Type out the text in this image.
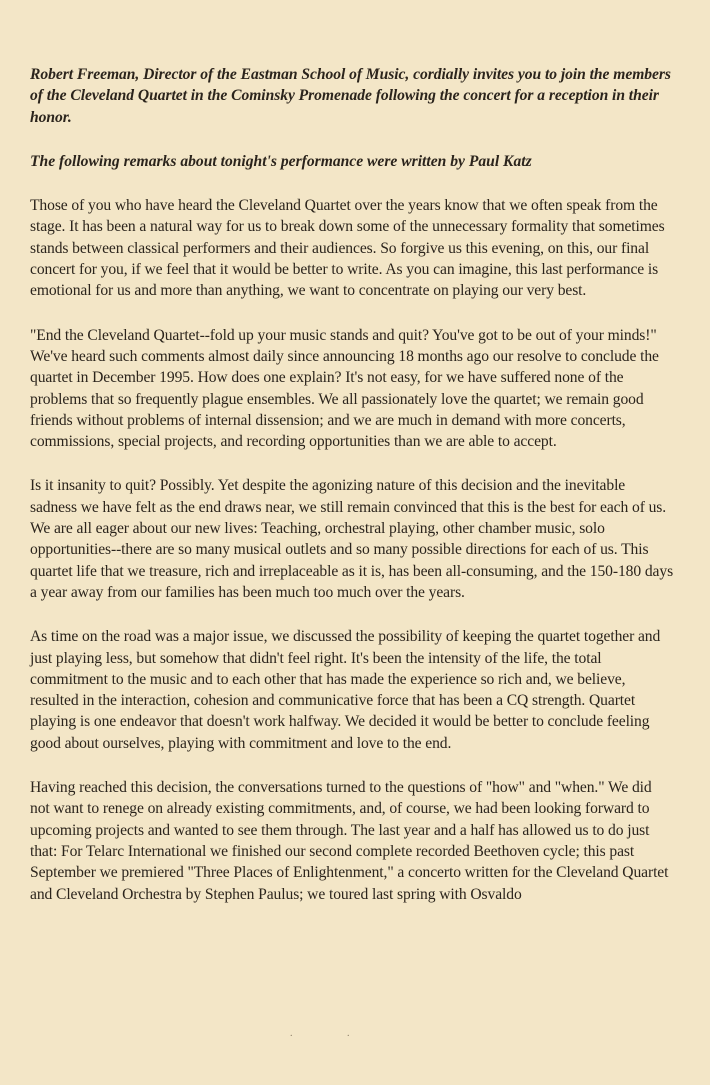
Robert Freeman, Director of the Eastman School of Music, cordially invites you to join the members of the Cleveland Quartet in the Cominsky Promenade following the concert for a reception in their honor.

The following remarks about tonight's performance were written by Paul Katz

Those of you who have heard the Cleveland Quartet over the years know that we often speak from the stage. It has been a natural way for us to break down some of the unnecessary formality that sometimes stands between classical performers and their audiences. So forgive us this evening, on this, our final concert for you, if we feel that it would be better to write. As you can imagine, this last performance is emotional for us and more than anything, we want to concentrate on playing our very best.

"End the Cleveland Quartet--fold up your music stands and quit? You've got to be out of your minds!" We've heard such comments almost daily since announcing 18 months ago our resolve to conclude the quartet in December 1995. How does one explain? It's not easy, for we have suffered none of the problems that so frequently plague ensembles. We all passionately love the quartet; we remain good friends without problems of internal dissension; and we are much in demand with more concerts, commissions, special projects, and recording opportunities than we are able to accept.

Is it insanity to quit? Possibly. Yet despite the agonizing nature of this decision and the inevitable sadness we have felt as the end draws near, we still remain convinced that this is the best for each of us. We are all eager about our new lives: Teaching, orchestral playing, other chamber music, solo opportunities--there are so many musical outlets and so many possible directions for each of us. This quartet life that we treasure, rich and irreplaceable as it is, has been all-consuming, and the 150-180 days a year away from our families has been much too much over the years.

As time on the road was a major issue, we discussed the possibility of keeping the quartet together and just playing less, but somehow that didn't feel right. It's been the intensity of the life, the total commitment to the music and to each other that has made the experience so rich and, we believe, resulted in the interaction, cohesion and communicative force that has been a CQ strength. Quartet playing is one endeavor that doesn't work halfway. We decided it would be better to conclude feeling good about ourselves, playing with commitment and love to the end.

Having reached this decision, the conversations turned to the questions of "how" and "when." We did not want to renege on already existing commitments, and, of course, we had been looking forward to upcoming projects and wanted to see them through. The last year and a half has allowed us to do just that: For Telarc International we finished our second complete recorded Beethoven cycle; this past September we premiered "Three Places of Enlightenment," a concerto written for the Cleveland Quartet and Cleveland Orchestra by Stephen Paulus; we toured last spring with Osvaldo

. .
